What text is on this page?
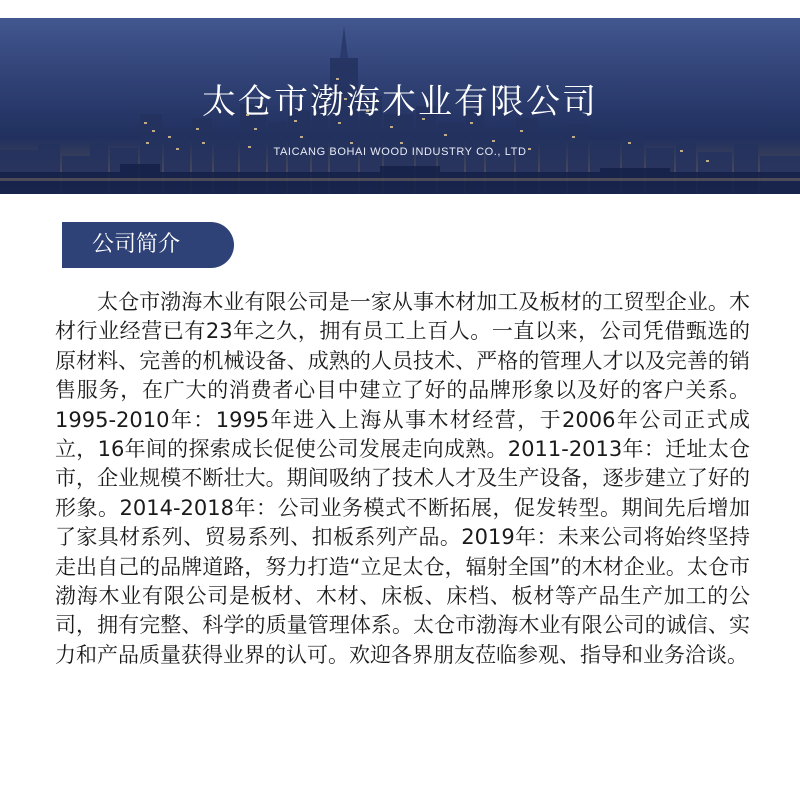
太仓市渤海木业有限公司
TAICANG BOHAI WOOD INDUSTRY CO., LTD
公司简介

太仓市渤海木业有限公司是一家从事木材加工及板材的工贸型企业。木材行业经营已有23年之久，拥有员工上百人。一直以来，公司凭借甄选的原材料、完善的机械设备、成熟的人员技术、严格的管理人才以及完善的销售服务，在广大的消费者心目中建立了好的品牌形象以及好的客户关系。1995-2010年：1995年进入上海从事木材经营，于2006年公司正式成立，16年间的探索成长促使公司发展走向成熟。2011-2013年：迁址太仓市，企业规模不断壮大。期间吸纳了技术人才及生产设备，逐步建立了好的形象。2014-2018年：公司业务模式不断拓展，促发转型。期间先后增加了家具材系列、贸易系列、扣板系列产品。2019年：未来公司将始终坚持走出自己的品牌道路，努力打造“立足太仓，辐射全国”的木材企业。太仓市渤海木业有限公司是板材、木材、床板、床档、板材等产品生产加工的公司，拥有完整、科学的质量管理体系。太仓市渤海木业有限公司的诚信、实力和产品质量获得业界的认可。欢迎各界朋友莅临参观、指导和业务洽谈。
